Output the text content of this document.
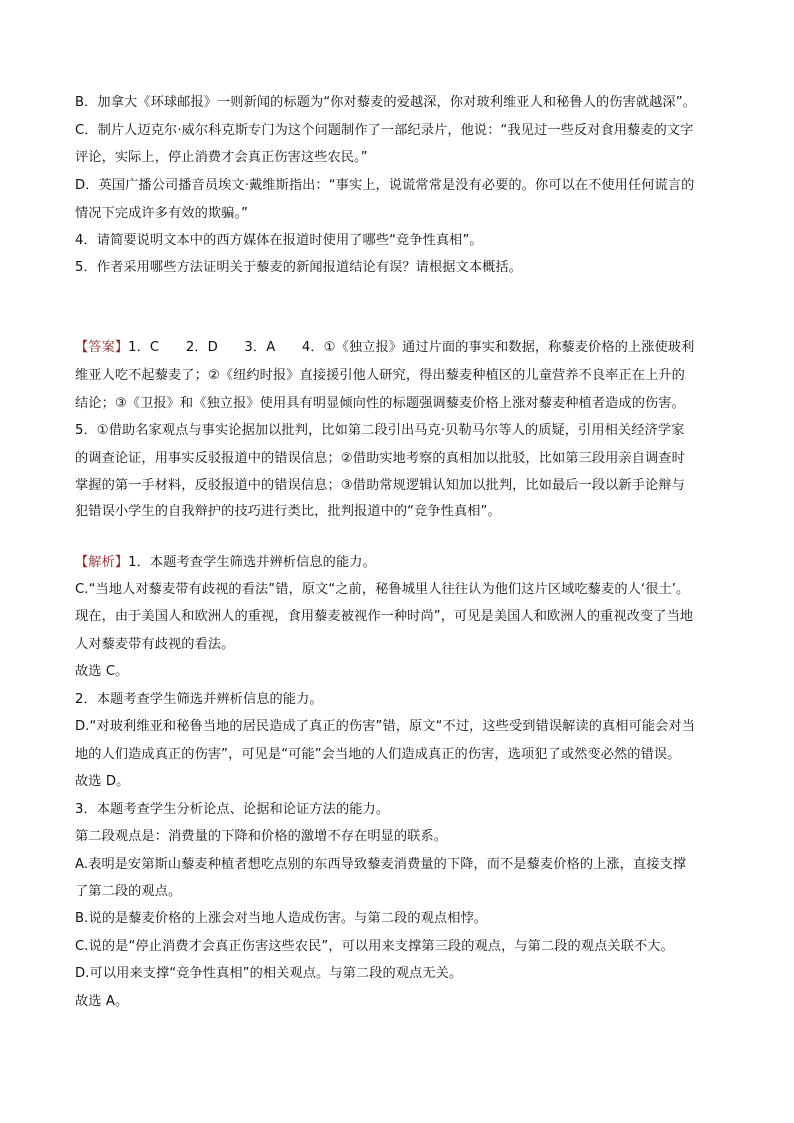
B．加拿大《环球邮报》一则新闻的标题为“你对藜麦的爱越深，你对玻利维亚人和秘鲁人的伤害就越深”。
C．制片人迈克尔·威尔科克斯专门为这个问题制作了一部纪录片，他说：“我见过一些反对食用藜麦的文字
评论，实际上，停止消费才会真正伤害这些农民。”
D．英国广播公司播音员埃文·戴维斯指出：“事实上，说谎常常是没有必要的。你可以在不使用任何谎言的
情况下完成许多有效的欺骗。”
4．请简要说明文本中的西方媒体在报道时使用了哪些“竞争性真相”。
5．作者采用哪些方法证明关于藜麦的新闻报道结论有误？请根据文本概括。
【答案】1．C　　2．D　　3．A　　4．①《独立报》通过片面的事实和数据，称藜麦价格的上涨使玻利
维亚人吃不起藜麦了；②《纽约时报》直接援引他人研究，得出藜麦种植区的儿童营养不良率正在上升的
结论；③《卫报》和《独立报》使用具有明显倾向性的标题强调藜麦价格上涨对藜麦种植者造成的伤害。
5．①借助名家观点与事实论据加以批判，比如第二段引出马克·贝勒马尔等人的质疑，引用相关经济学家
的调查论证，用事实反驳报道中的错误信息；②借助实地考察的真相加以批驳，比如第三段用亲自调查时
掌握的第一手材料，反驳报道中的错误信息；③借助常规逻辑认知加以批判，比如最后一段以新手论辩与
犯错误小学生的自我辩护的技巧进行类比，批判报道中的“竞争性真相”。
【解析】1．本题考查学生筛选并辨析信息的能力。
C.“当地人对藜麦带有歧视的看法”错，原文“之前，秘鲁城里人往往认为他们这片区域吃藜麦的人‘很土’。
现在，由于美国人和欧洲人的重视，食用藜麦被视作一种时尚”，可见是美国人和欧洲人的重视改变了当地
人对藜麦带有歧视的看法。
故选 C。
2．本题考查学生筛选并辨析信息的能力。
D.“对玻利维亚和秘鲁当地的居民造成了真正的伤害”错，原文“不过，这些受到错误解读的真相可能会对当
地的人们造成真正的伤害”，可见是“可能”会当地的人们造成真正的伤害，选项犯了或然变必然的错误。
故选 D。
3．本题考查学生分析论点、论据和论证方法的能力。
第二段观点是：消费量的下降和价格的激增不存在明显的联系。
A.表明是安第斯山藜麦种植者想吃点别的东西导致藜麦消费量的下降，而不是藜麦价格的上涨，直接支撑
了第二段的观点。
B.说的是藜麦价格的上涨会对当地人造成伤害。与第二段的观点相悖。
C.说的是“停止消费才会真正伤害这些农民”，可以用来支撑第三段的观点，与第二段的观点关联不大。
D.可以用来支撑“竞争性真相”的相关观点。与第二段的观点无关。
故选 A。
